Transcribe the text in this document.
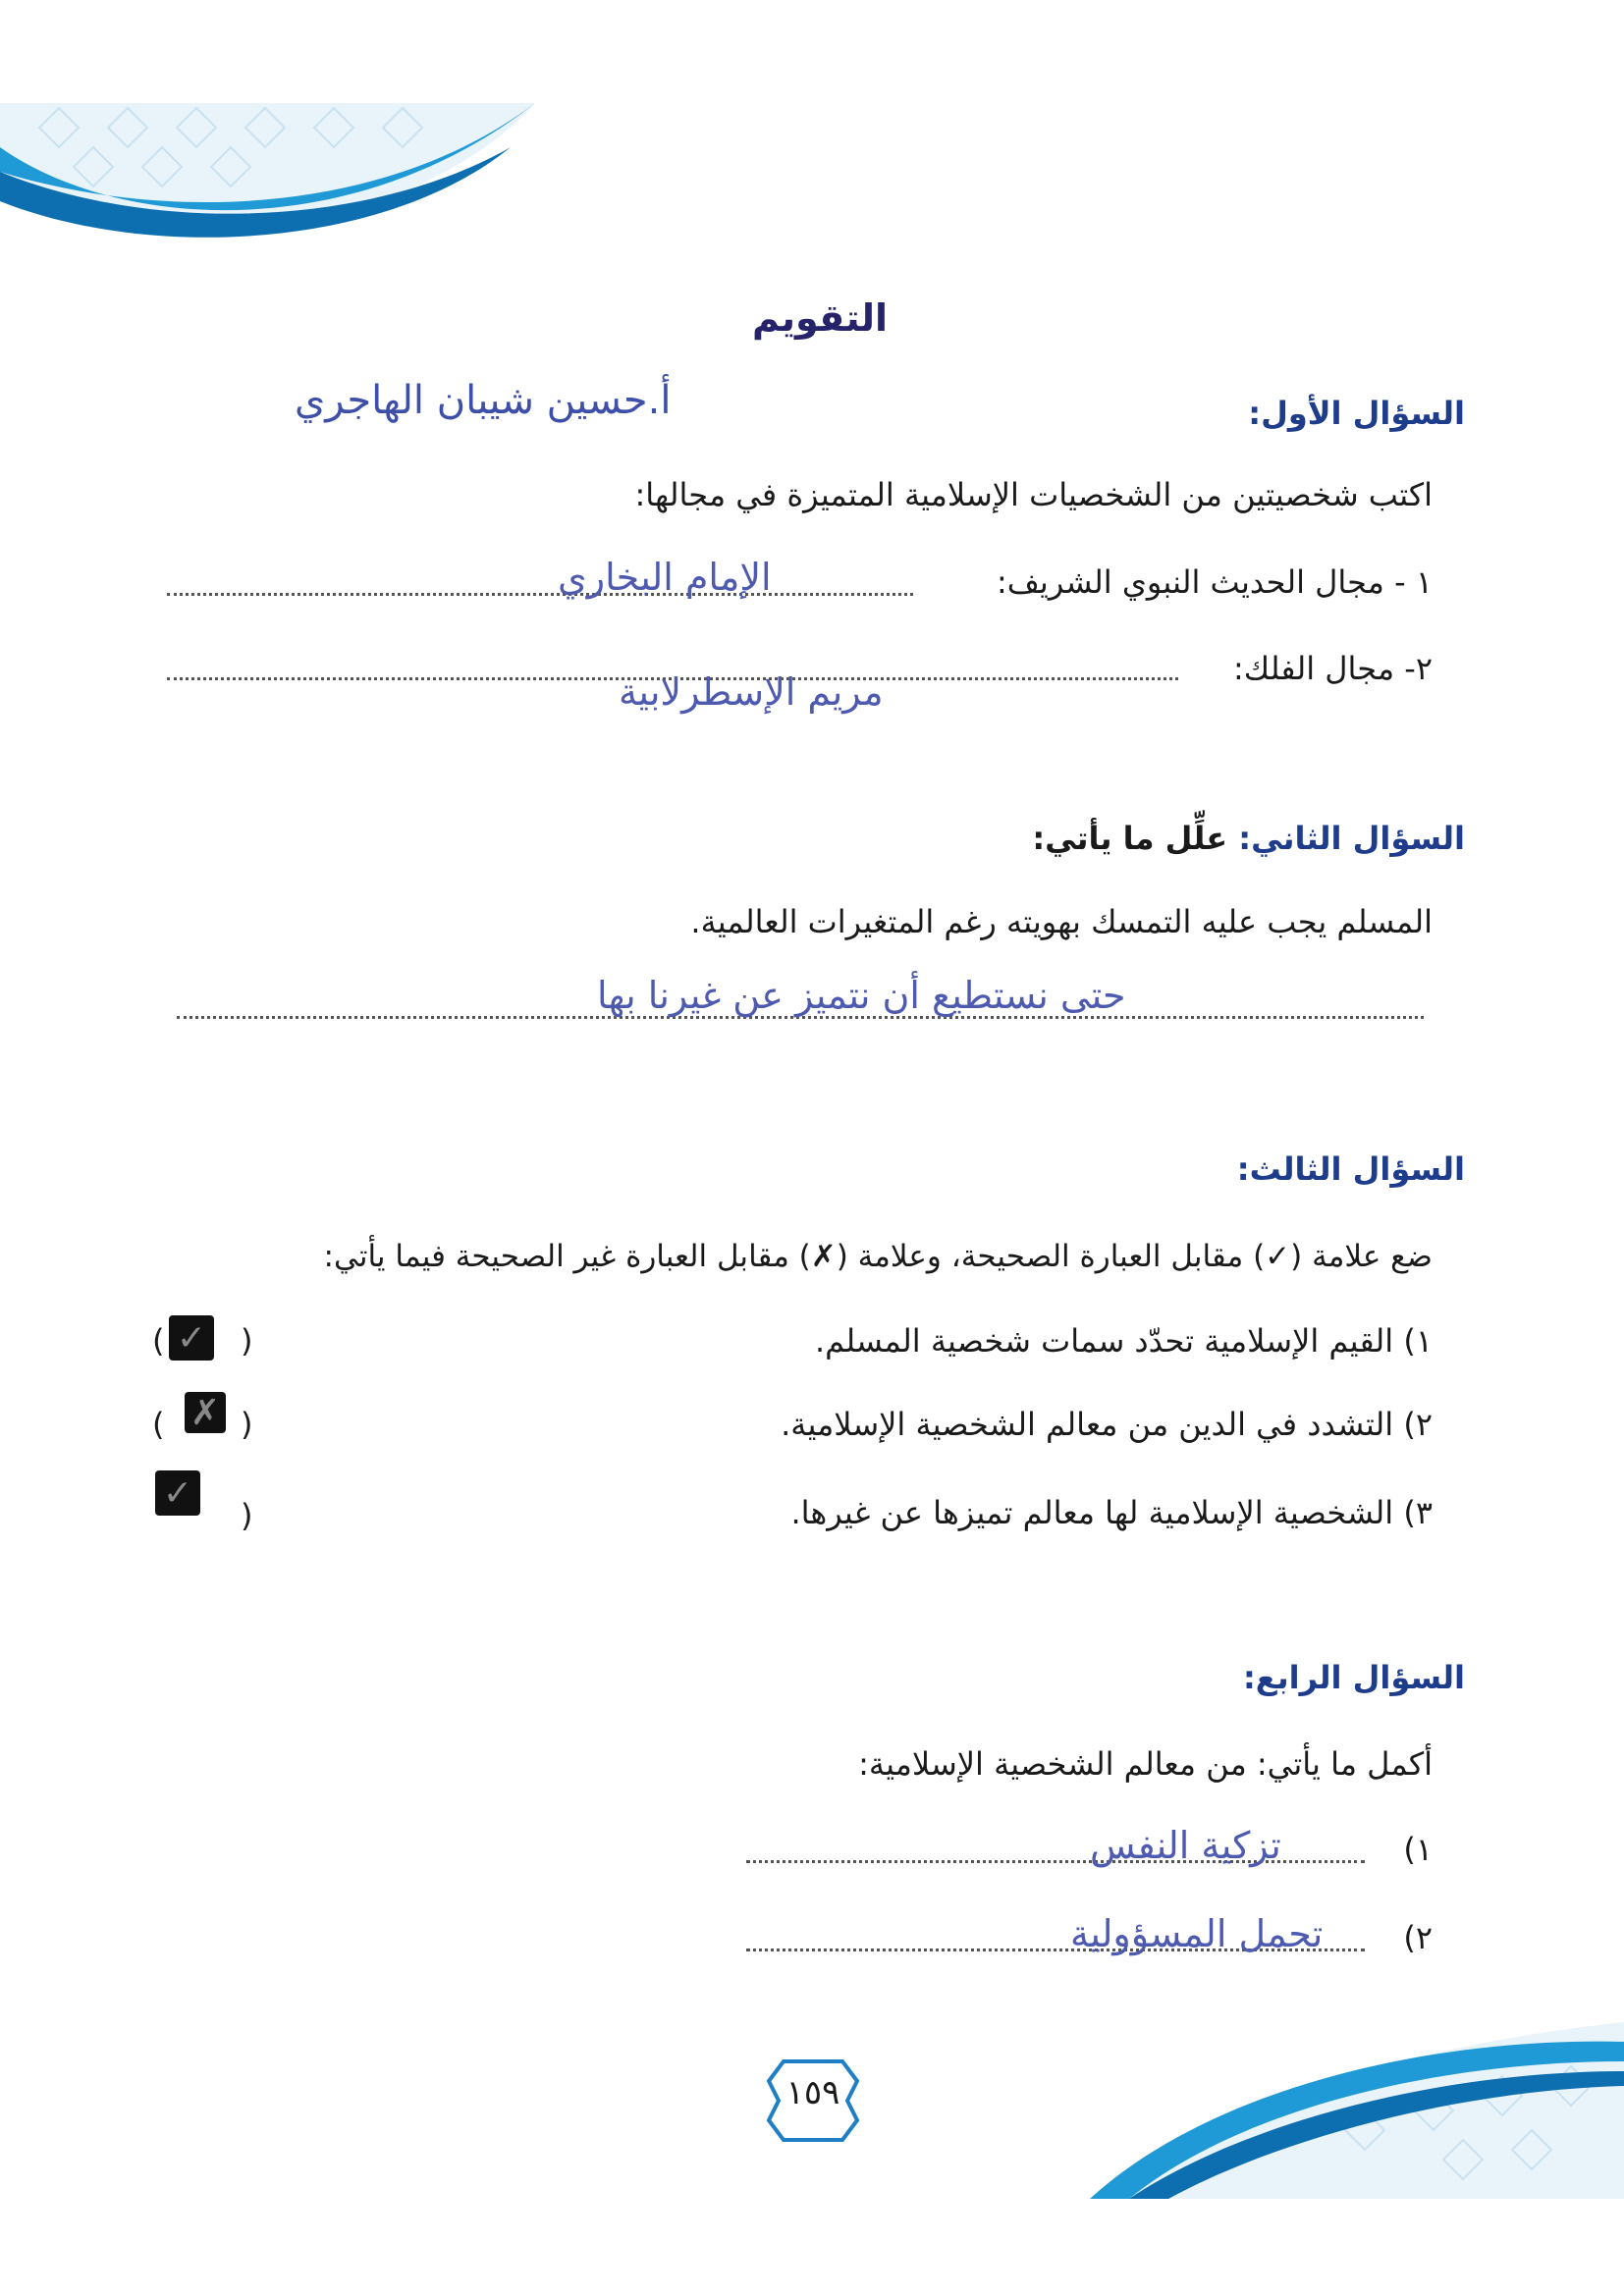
التقويم
أ.حسين شيبان الهاجري	السؤال الأول:
اكتب شخصيتين من الشخصيات الإسلامية المتميزة في مجالها:
١ - مجال الحديث النبوي الشريف:
الإمام البخاري
٢- مجال الفلك:
مريم الإسطرلابية
السؤال الثاني: علِّل ما يأتي:
المسلم يجب عليه التمسك بهويته رغم المتغيرات العالمية.
حتى نستطيع أن نتميز عن غيرنا بها
السؤال الثالث:
ضع علامة (✓) مقابل العبارة الصحيحة، وعلامة (✗) مقابل العبارة غير الصحيحة فيما يأتي:
١) القيم الإسلامية تحدّد سمات شخصية المسلم.
(
✓
)
٢) التشدد في الدين من معالم الشخصية الإسلامية.
(
✗
)
٣) الشخصية الإسلامية لها معالم تميزها عن غيرها.
(
✓
السؤال الرابع:
أكمل ما يأتي: من معالم الشخصية الإسلامية:
١)
تزكية النفس
٢)
تحمل المسؤولية
١٥٩
